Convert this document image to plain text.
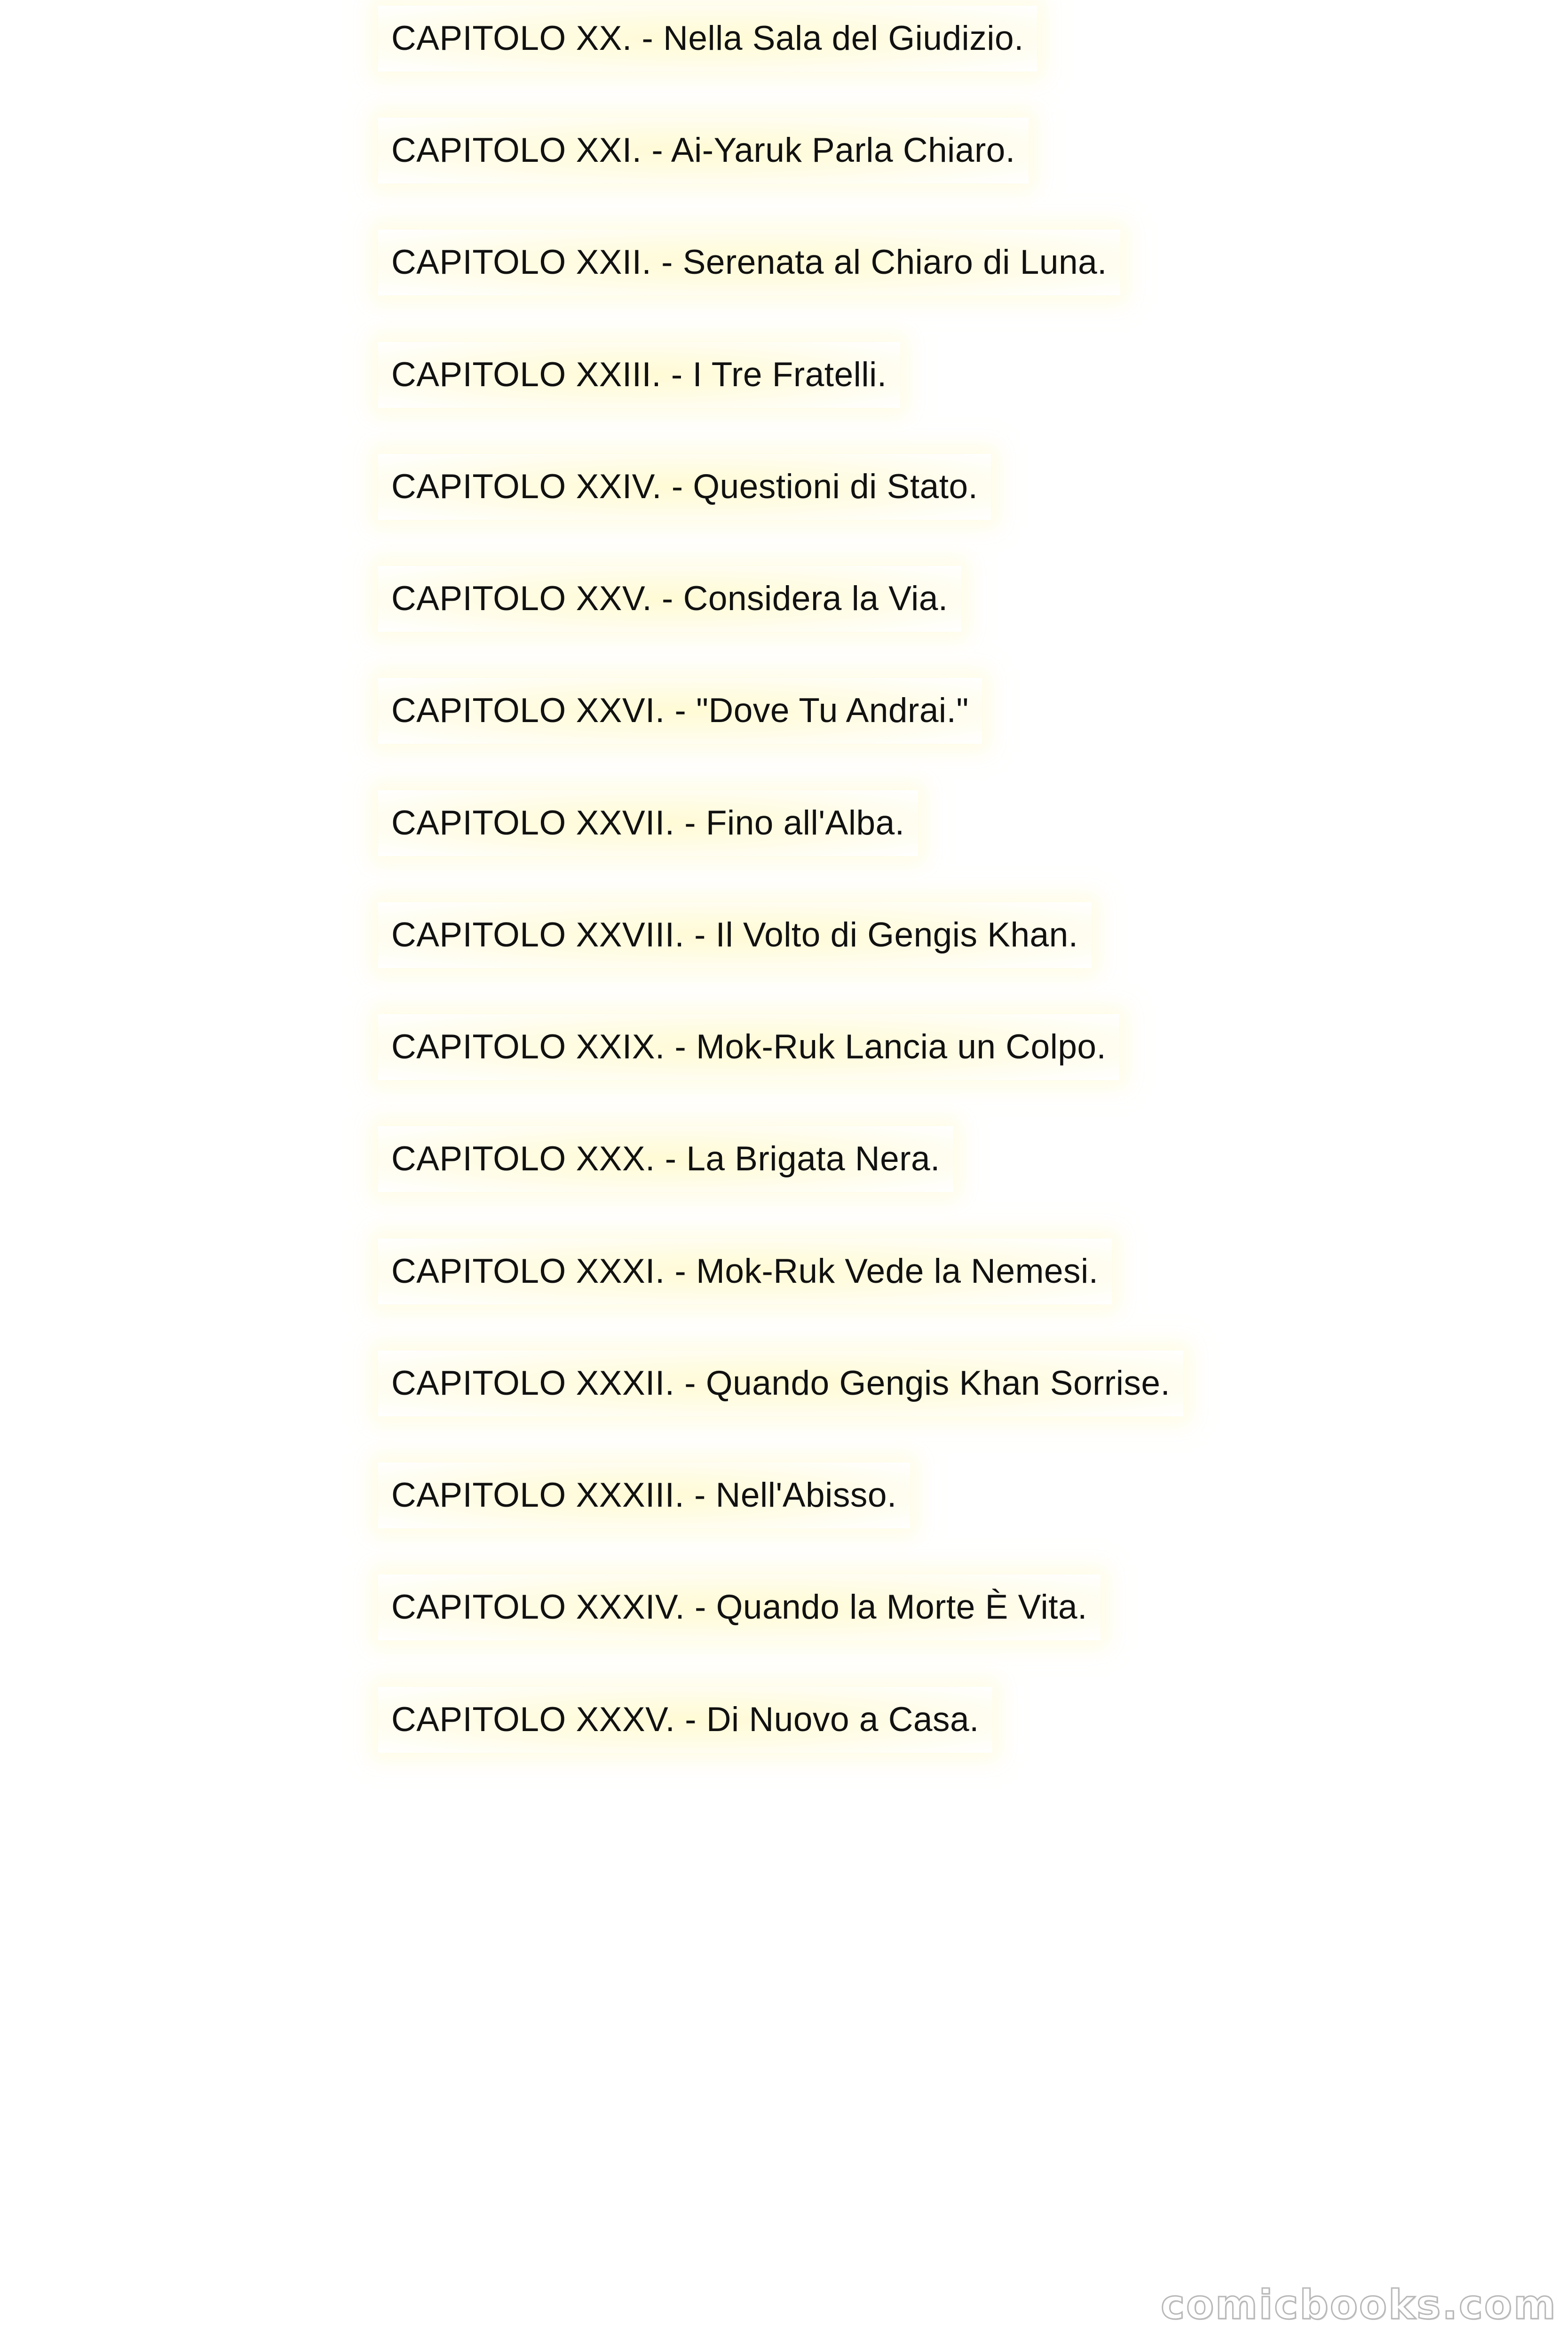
CAPITOLO XX. - Nella Sala del Giudizio.
CAPITOLO XXI. - Ai-Yaruk Parla Chiaro.
CAPITOLO XXII. - Serenata al Chiaro di Luna.
CAPITOLO XXIII. - I Tre Fratelli.
CAPITOLO XXIV. - Questioni di Stato.
CAPITOLO XXV. - Considera la Via.
CAPITOLO XXVI. - "Dove Tu Andrai."
CAPITOLO XXVII. - Fino all'Alba.
CAPITOLO XXVIII. - Il Volto di Gengis Khan.
CAPITOLO XXIX. - Mok-Ruk Lancia un Colpo.
CAPITOLO XXX. - La Brigata Nera.
CAPITOLO XXXI. - Mok-Ruk Vede la Nemesi.
CAPITOLO XXXII. - Quando Gengis Khan Sorrise.
CAPITOLO XXXIII. - Nell'Abisso.
CAPITOLO XXXIV. - Quando la Morte È Vita.
CAPITOLO XXXV. - Di Nuovo a Casa.
comicbooks.com
